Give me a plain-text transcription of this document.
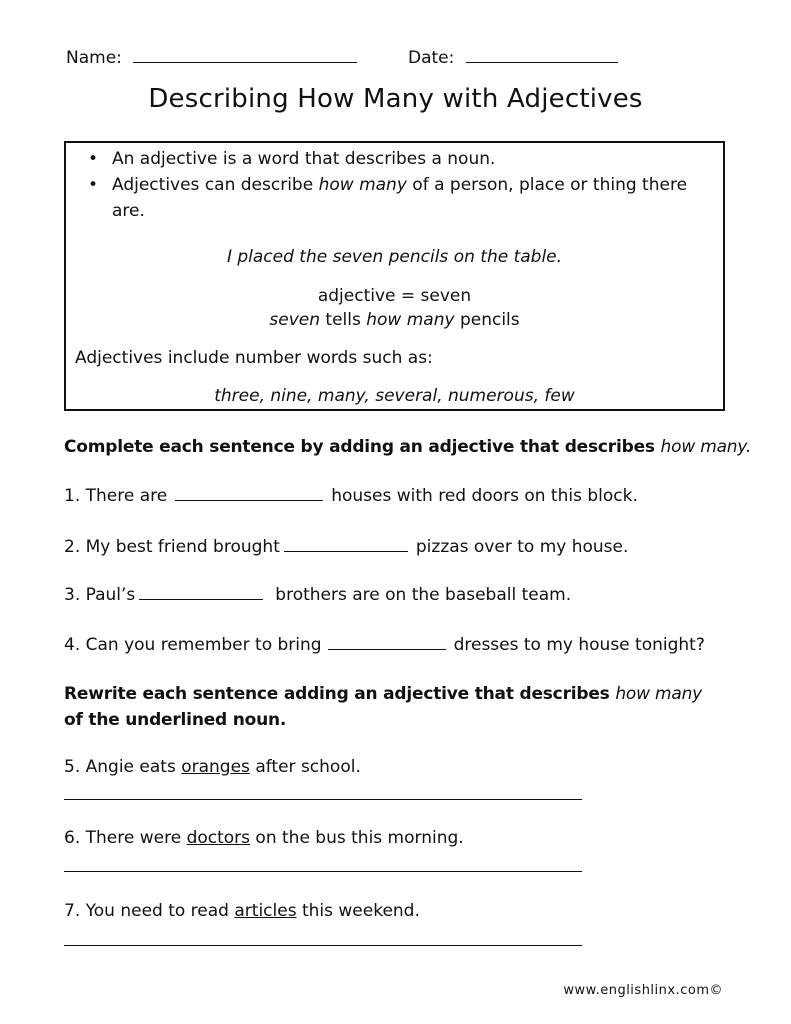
Name:	Date:
Describing How Many with Adjectives
• An adjective is a word that describes a noun.
• Adjectives can describe how many of a person, place or thing there are.
I placed the seven pencils on the table.
adjective = seven
seven tells how many pencils
Adjectives include number words such as:
three, nine, many, several, numerous, few
Complete each sentence by adding an adjective that describes how many.
1. There are	houses with red doors on this block.
2. My best friend brought	pizzas over to my house.
3. Paul’s	brothers are on the baseball team.
4. Can you remember to bring	dresses to my house tonight?
Rewrite each sentence adding an adjective that describes how many of the underlined noun.
5. Angie eats oranges after school.
6. There were doctors on the bus this morning.
7. You need to read articles this weekend.
www.englishlinx.com©
